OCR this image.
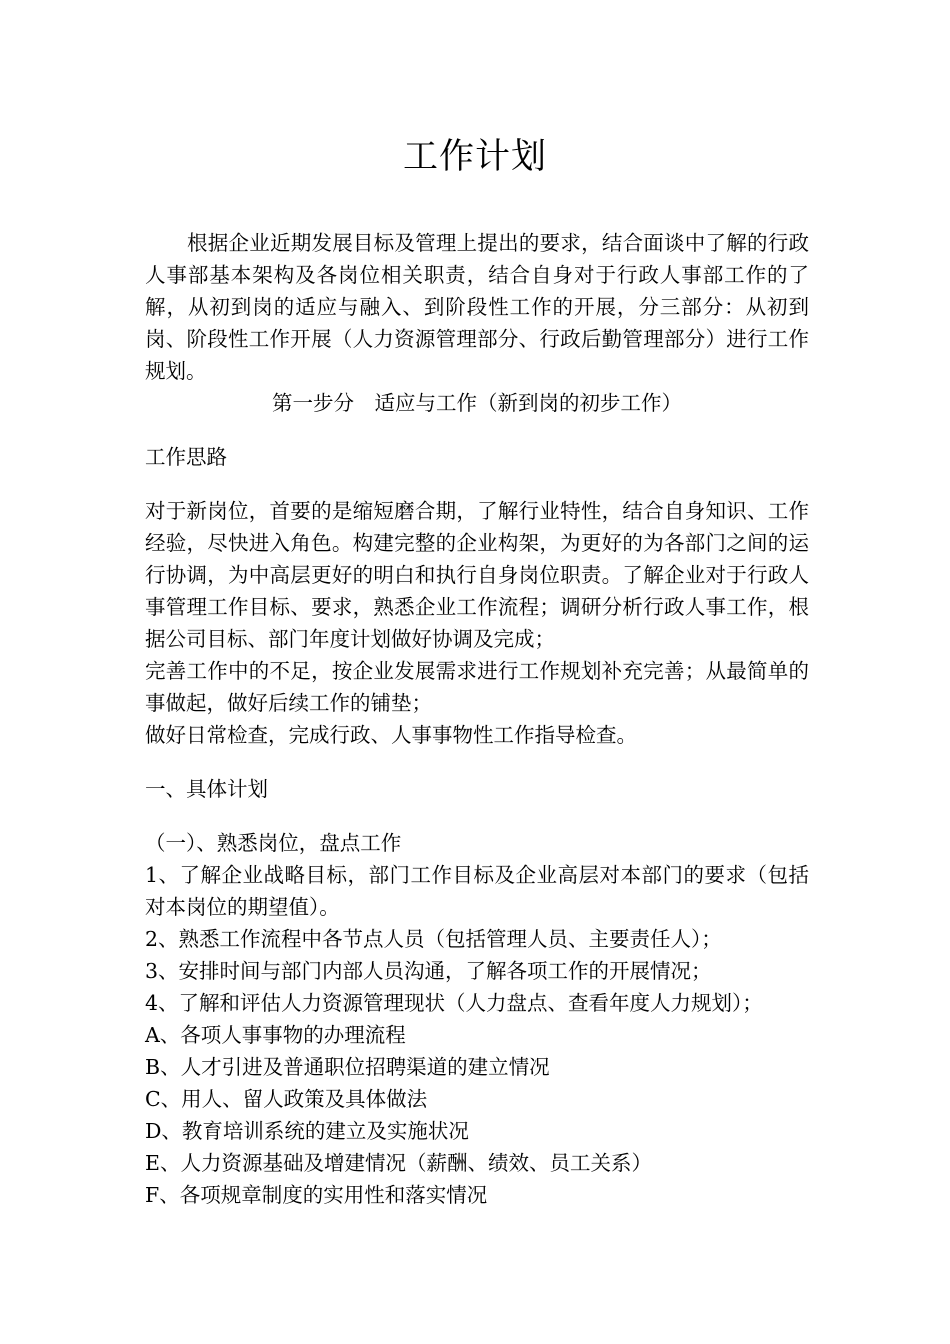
工作计划

根据企业近期发展目标及管理上提出的要求，结合面谈中了解的行政人事部基本架构及各岗位相关职责，结合自身对于行政人事部工作的了解，从初到岗的适应与融入、到阶段性工作的开展，分三部分：从初到岗、阶段性工作开展（人力资源管理部分、行政后勤管理部分）进行工作规划。

第一步分　适应与工作（新到岗的初步工作）

工作思路

对于新岗位，首要的是缩短磨合期，了解行业特性，结合自身知识、工作经验，尽快进入角色。构建完整的企业构架，为更好的为各部门之间的运行协调，为中高层更好的明白和执行自身岗位职责。了解企业对于行政人事管理工作目标、要求，熟悉企业工作流程；调研分析行政人事工作，根据公司目标、部门年度计划做好协调及完成；

完善工作中的不足，按企业发展需求进行工作规划补充完善；从最简单的事做起，做好后续工作的铺垫；

做好日常检查，完成行政、人事事物性工作指导检查。

一、具体计划

（一）、熟悉岗位，盘点工作

1、了解企业战略目标，部门工作目标及企业高层对本部门的要求（包括对本岗位的期望值）。

2、熟悉工作流程中各节点人员（包括管理人员、主要责任人）；

3、安排时间与部门内部人员沟通，了解各项工作的开展情况；

4、了解和评估人力资源管理现状（人力盘点、查看年度人力规划）；

A、各项人事事物的办理流程

B、人才引进及普通职位招聘渠道的建立情况

C、用人、留人政策及具体做法

D、教育培训系统的建立及实施状况

E、人力资源基础及增建情况（薪酬、绩效、员工关系）

F、各项规章制度的实用性和落实情况
